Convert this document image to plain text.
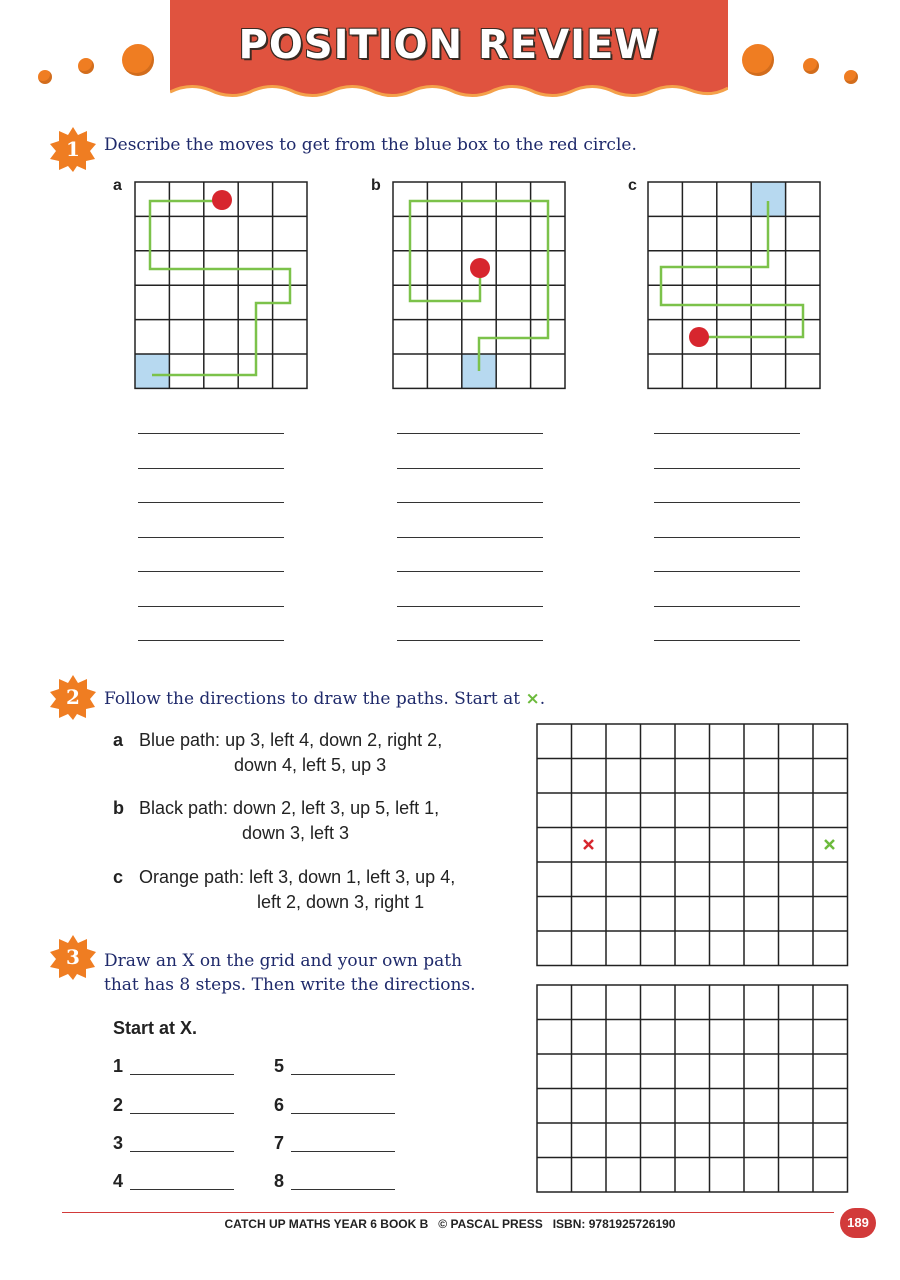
POSITION REVIEW
1	Describe the moves to get from the blue box to the red circle.
a	b	c
2	Follow the directions to draw the paths. Start at ×.
a Blue path: up 3, left 4, down 2, right 2,
down 4, left 5, up 3
b Black path: down 2, left 3, up 5, left 1,
down 3, left 3
c Orange path: left 3, down 1, left 3, up 4,
left 2, down 3, right 1
3	Draw an X on the grid and your own path
that has 8 steps. Then write the directions.
Start at X.
1
2
3
4
5
6
7
8
CATCH UP MATHS YEAR 6 BOOK B   © PASCAL PRESS   ISBN: 9781925726190	189
